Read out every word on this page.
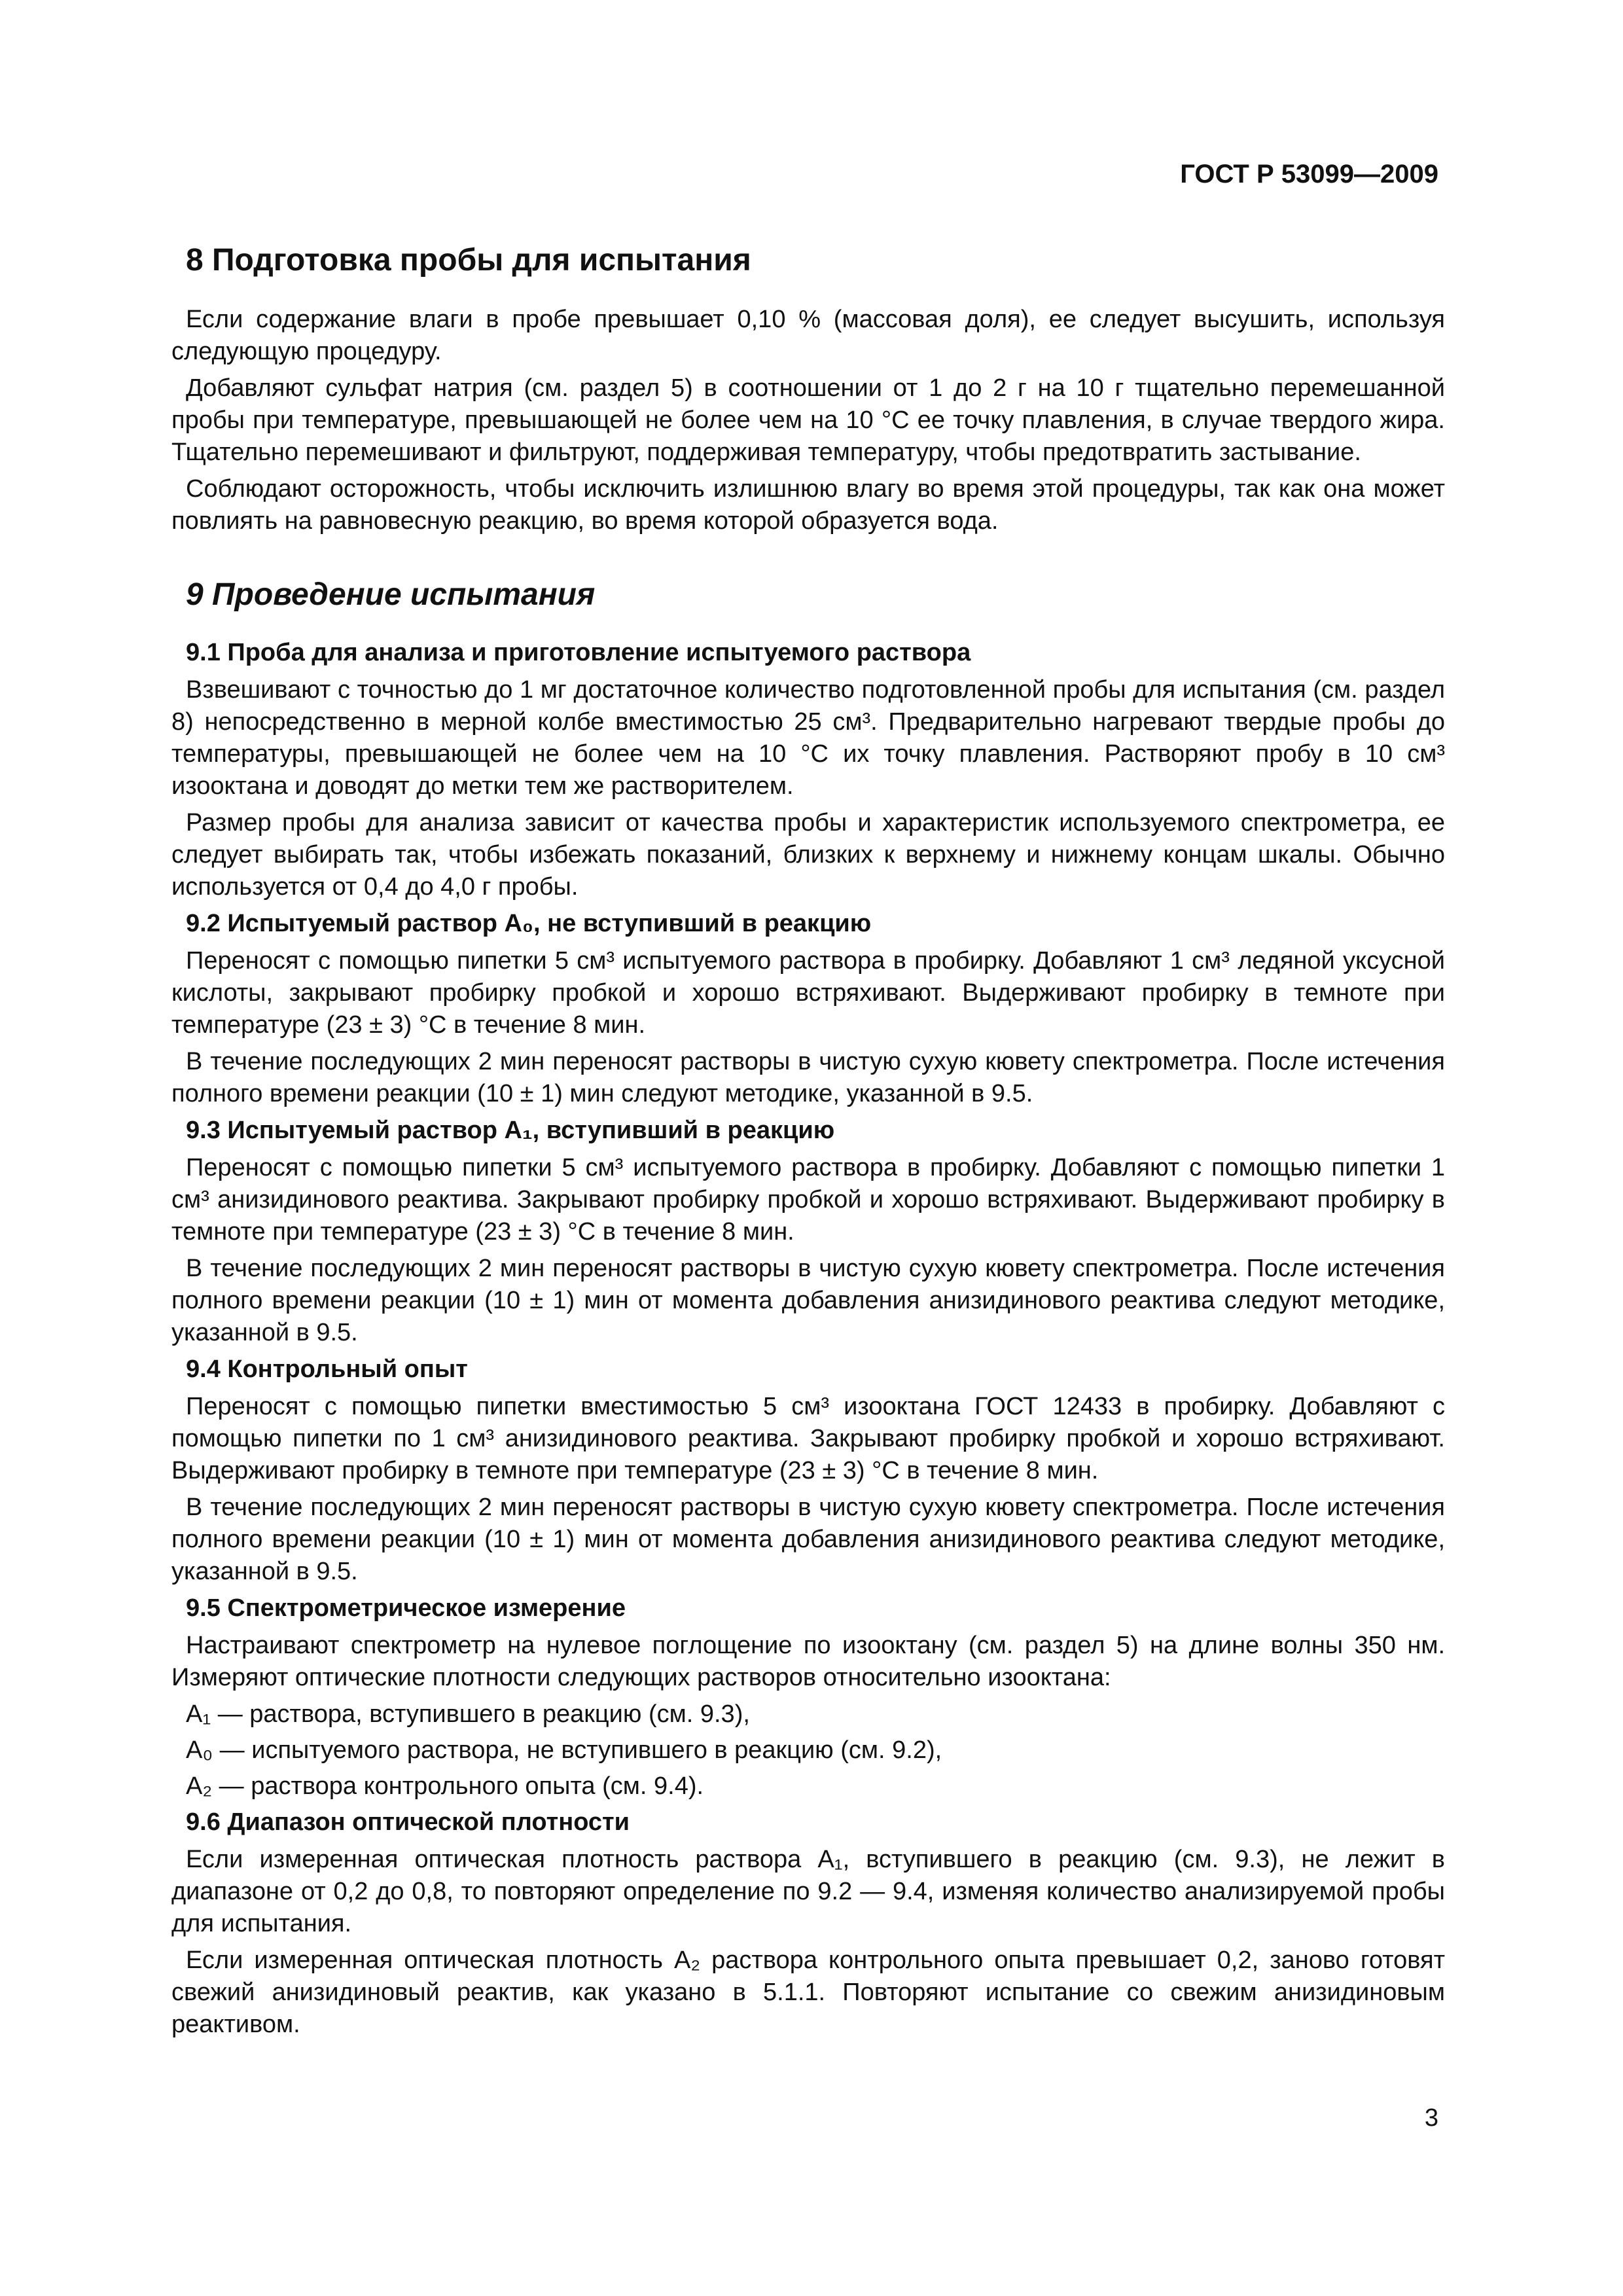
ГОСТ Р 53099—2009
8 Подготовка пробы для испытания

Если содержание влаги в пробе превышает 0,10 % (массовая доля), ее следует высушить, используя следующую процедуру.

Добавляют сульфат натрия (см. раздел 5) в соотношении от 1 до 2 г на 10 г тщательно перемешанной пробы при температуре, превышающей не более чем на 10 °С ее точку плавления, в случае твердого жира. Тщательно перемешивают и фильтруют, поддерживая температуру, чтобы предотвратить застывание.

Соблюдают осторожность, чтобы исключить излишнюю влагу во время этой процедуры, так как она может повлиять на равновесную реакцию, во время которой образуется вода.

9 Проведение испытания
9.1 Проба для анализа и приготовление испытуемого раствора

Взвешивают с точностью до 1 мг достаточное количество подготовленной пробы для испытания (см. раздел 8) непосредственно в мерной колбе вместимостью 25 см³. Предварительно нагревают твердые пробы до температуры, превышающей не более чем на 10 °С их точку плавления. Растворяют пробу в 10 см³ изооктана и доводят до метки тем же растворителем.

Размер пробы для анализа зависит от качества пробы и характеристик используемого спектрометра, ее следует выбирать так, чтобы избежать показаний, близких к верхнему и нижнему концам шкалы. Обычно используется от 0,4 до 4,0 г пробы.

9.2 Испытуемый раствор A₀, не вступивший в реакцию

Переносят с помощью пипетки 5 см³ испытуемого раствора в пробирку. Добавляют 1 см³ ледяной уксусной кислоты, закрывают пробирку пробкой и хорошо встряхивают. Выдерживают пробирку в темноте при температуре (23 ± 3) °С в течение 8 мин.

В течение последующих 2 мин переносят растворы в чистую сухую кювету спектрометра. После истечения полного времени реакции (10 ± 1) мин следуют методике, указанной в 9.5.

9.3 Испытуемый раствор A₁, вступивший в реакцию

Переносят с помощью пипетки 5 см³ испытуемого раствора в пробирку. Добавляют с помощью пипетки 1 см³ анизидинового реактива. Закрывают пробирку пробкой и хорошо встряхивают. Выдерживают пробирку в темноте при температуре (23 ± 3) °С в течение 8 мин.

В течение последующих 2 мин переносят растворы в чистую сухую кювету спектрометра. После истечения полного времени реакции (10 ± 1) мин от момента добавления анизидинового реактива следуют методике, указанной в 9.5.

9.4 Контрольный опыт

Переносят с помощью пипетки вместимостью 5 см³ изооктана ГОСТ 12433 в пробирку. Добавляют с помощью пипетки по 1 см³ анизидинового реактива. Закрывают пробирку пробкой и хорошо встряхивают. Выдерживают пробирку в темноте при температуре (23 ± 3) °С в течение 8 мин.

В течение последующих 2 мин переносят растворы в чистую сухую кювету спектрометра. После истечения полного времени реакции (10 ± 1) мин от момента добавления анизидинового реактива следуют методике, указанной в 9.5.

9.5 Спектрометрическое измерение

Настраивают спектрометр на нулевое поглощение по изооктану (см. раздел 5) на длине волны 350 нм. Измеряют оптические плотности следующих растворов относительно изооктана:

A₁ — раствора, вступившего в реакцию (см. 9.3),
A₀ — испытуемого раствора, не вступившего в реакцию (см. 9.2),
A₂ — раствора контрольного опыта (см. 9.4).
9.6 Диапазон оптической плотности

Если измеренная оптическая плотность раствора A₁, вступившего в реакцию (см. 9.3), не лежит в диапазоне от 0,2 до 0,8, то повторяют определение по 9.2 — 9.4, изменяя количество анализируемой пробы для испытания.

Если измеренная оптическая плотность A₂ раствора контрольного опыта превышает 0,2, заново готовят свежий анизидиновый реактив, как указано в 5.1.1. Повторяют испытание со свежим анизидиновым реактивом.

3
